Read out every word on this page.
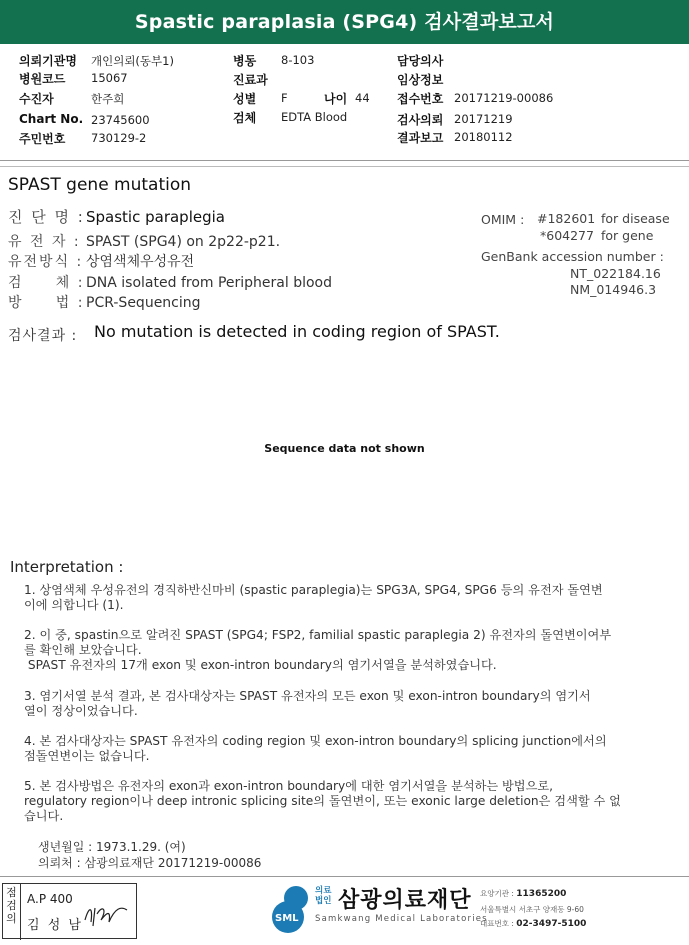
Spastic paraplasia (SPG4) 검사결과보고서
의뢰기관명 개인의뢰(동부1)
병원코드 15067
수진자	한주희
Chart No. 23745600
주민번호 730129-2
병동 8-103
진료과
성별 F	나이 44
검체 EDTA Blood
담당의사
임상정보
접수번호 20171219-00086
검사의뢰 20171219
결과보고 20180112
SPAST gene mutation
진 단 명 :Spastic paraplegia
유 전 자 : SPAST (SPG4) on 2p22-p21.
유전방식 : 상염색체우성유전
검     체 : DNA isolated from Peripheral blood
방     법 : PCR-Sequencing
OMIM : #182601 for disease
*604277 for gene
GenBank accession number :
NT_022184.16
NM_014946.3
검사결과 : No mutation is detected in coding region of SPAST.
Sequence data not shown
Interpretation :
1. 상염색체 우성유전의 경직하반신마비 (spastic paraplegia)는 SPG3A, SPG4, SPG6 등의 유전자 돌연변
이에 의합니다 (1).
2. 이 중, spastin으로 알려진 SPAST (SPG4; FSP2, familial spastic paraplegia 2) 유전자의 돌연변이여부
를 확인해 보았습니다.
SPAST 유전자의 17개 exon 및 exon-intron boundary의 염기서열을 분석하였습니다.
3. 염기서열 분석 결과, 본 검사대상자는 SPAST 유전자의 모든 exon 및 exon-intron boundary의 염기서
열이 정상이었습니다.
4. 본 검사대상자는 SPAST 유전자의 coding region 및 exon-intron boundary의 splicing junction에서의
점돌연변이는 없습니다.
5. 본 검사방법은 유전자의 exon과 exon-intron boundary에 대한 염기서열을 분석하는 방법으로,
regulatory region이나 deep intronic splicing site의 돌연변이, 또는 exonic large deletion은 검색할 수 없
습니다.
생년월일 : 1973.1.29. (여)
의뢰처 : 삼광의료재단 20171219-00086
점
검
의
A.P 400
김 성 남	SML
의료
법인 삼광의료재단
Samkwang Medical Laboratories
요양기관 : 11365200
서울특별시 서초구 양재동 9-60
대표번호 : 02-3497-5100
